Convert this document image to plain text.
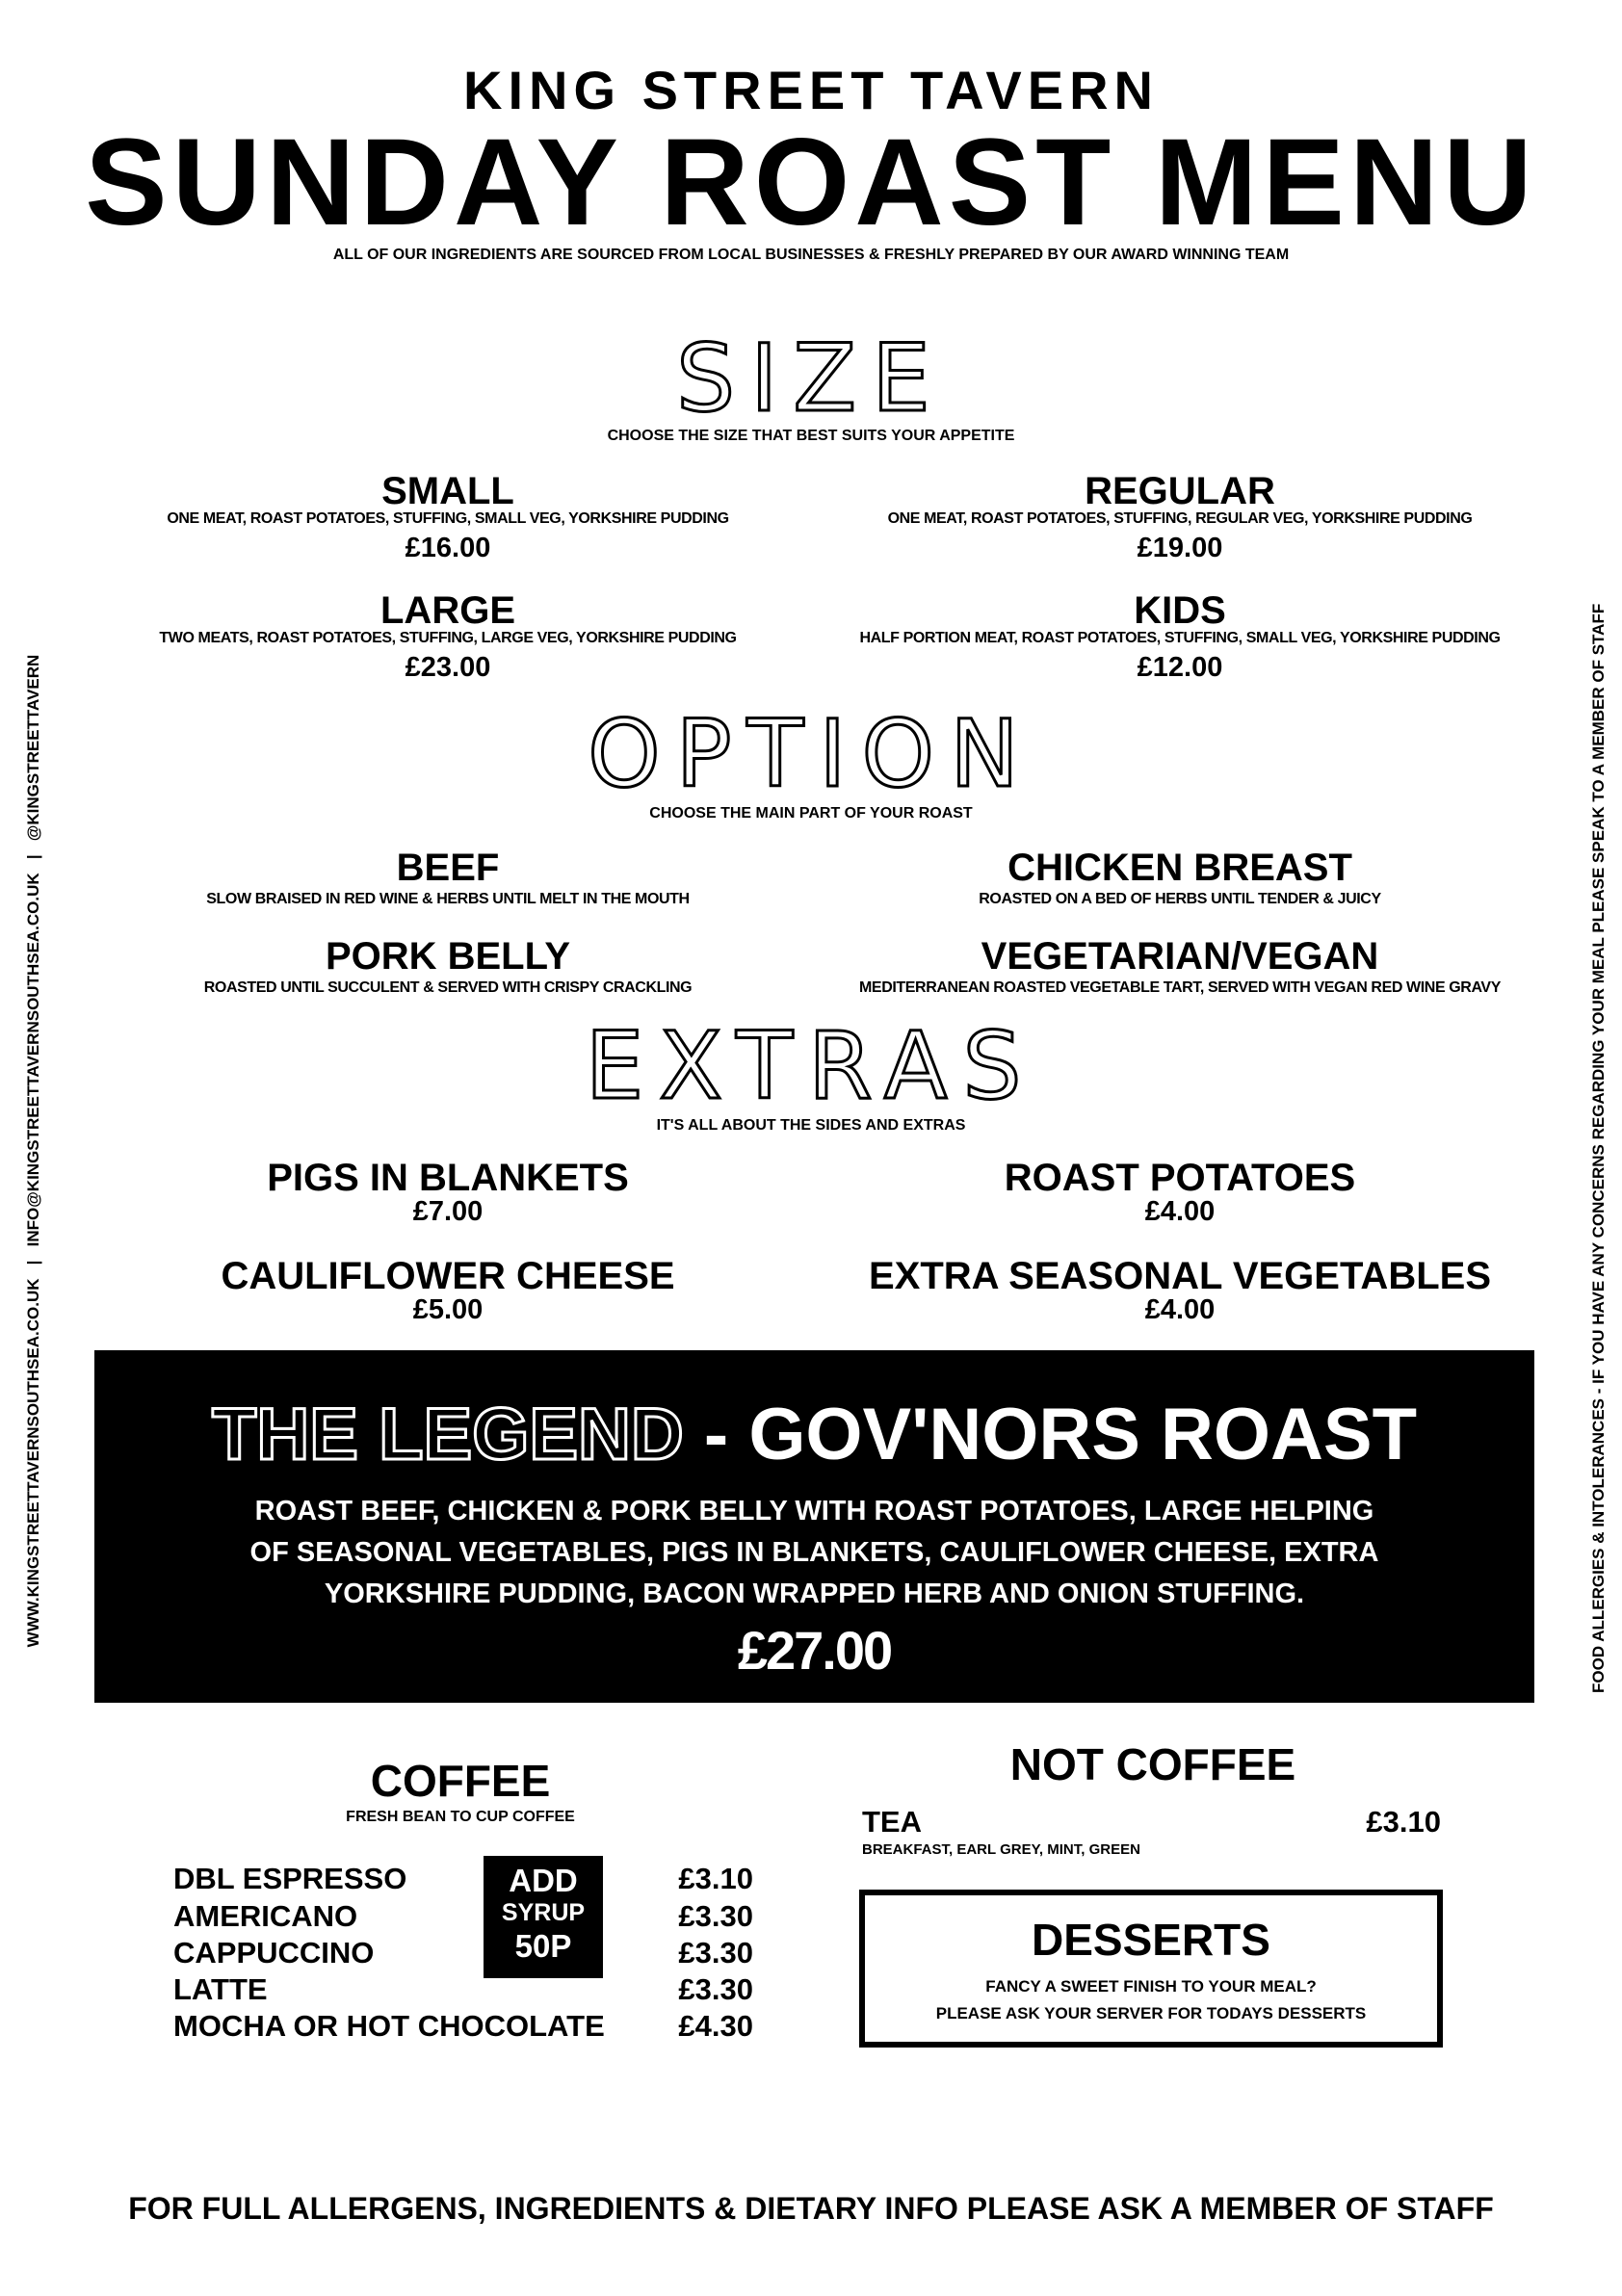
KING STREET TAVERN
SUNDAY ROAST MENU
ALL OF OUR INGREDIENTS ARE SOURCED FROM LOCAL BUSINESSES & FRESHLY PREPARED BY OUR AWARD WINNING TEAM
WWW.KINGSTREETTAVERNSOUTHSEA.CO.UK   |   INFO@KINGSTREETTAVERNSOUTHSEA.CO.UK   |   @KINGSTREETTAVERN	FOOD ALLERGIES & INTOLERANCES - IF YOU HAVE ANY CONCERNS REGARDING YOUR MEAL PLEASE SPEAK TO A MEMBER OF STAFF
SIZE
CHOOSE THE SIZE THAT BEST SUITS YOUR APPETITE
SMALL
ONE MEAT, ROAST POTATOES, STUFFING, SMALL VEG, YORKSHIRE PUDDING
£16.00
REGULAR
ONE MEAT, ROAST POTATOES, STUFFING, REGULAR VEG, YORKSHIRE PUDDING
£19.00
LARGE
TWO MEATS, ROAST POTATOES, STUFFING, LARGE VEG, YORKSHIRE PUDDING
£23.00
KIDS
HALF PORTION MEAT, ROAST POTATOES, STUFFING, SMALL VEG, YORKSHIRE PUDDING
£12.00
OPTION
CHOOSE THE MAIN PART OF YOUR ROAST
BEEF
SLOW BRAISED IN RED WINE & HERBS UNTIL MELT IN THE MOUTH
CHICKEN BREAST
ROASTED ON A BED OF HERBS UNTIL TENDER & JUICY
PORK BELLY
ROASTED UNTIL SUCCULENT & SERVED WITH CRISPY CRACKLING
VEGETARIAN/VEGAN
MEDITERRANEAN ROASTED VEGETABLE TART, SERVED WITH VEGAN RED WINE GRAVY
EXTRAS
IT'S ALL ABOUT THE SIDES AND EXTRAS
PIGS IN BLANKETS
£7.00
ROAST POTATOES
£4.00
CAULIFLOWER CHEESE
£5.00
EXTRA SEASONAL VEGETABLES
£4.00
THE LEGEND - GOV'NORS ROAST
ROAST BEEF, CHICKEN & PORK BELLY WITH ROAST POTATOES, LARGE HELPING
OF SEASONAL VEGETABLES, PIGS IN BLANKETS, CAULIFLOWER CHEESE, EXTRA
YORKSHIRE PUDDING, BACON WRAPPED HERB AND ONION STUFFING.
£27.00
COFFEE
FRESH BEAN TO CUP COFFEE
DBL ESPRESSO	£3.10
AMERICANO	£3.30
CAPPUCCINO	£3.30
LATTE	£3.30
MOCHA OR HOT CHOCOLATE	£4.30
ADD
SYRUP
50P
NOT COFFEE
TEA	£3.10
BREAKFAST, EARL GREY, MINT, GREEN
DESSERTS
FANCY A SWEET FINISH TO YOUR MEAL?
PLEASE ASK YOUR SERVER FOR TODAYS DESSERTS
FOR FULL ALLERGENS, INGREDIENTS & DIETARY INFO PLEASE ASK A MEMBER OF STAFF
